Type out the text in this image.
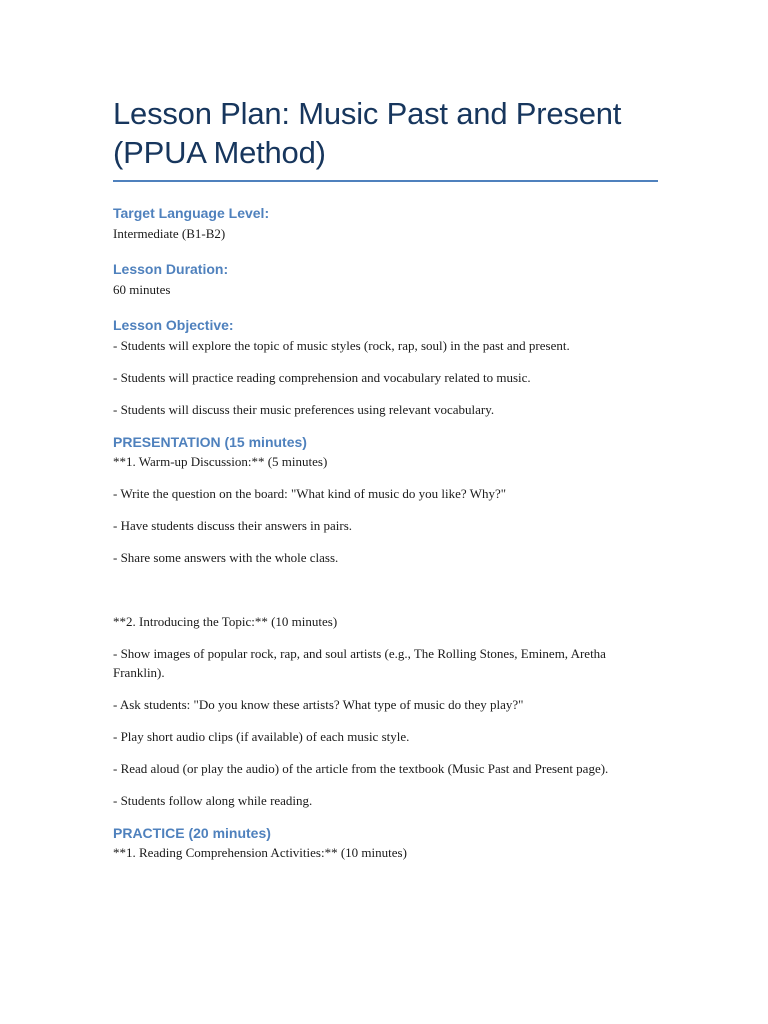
Lesson Plan: Music Past and Present
(PPUA Method)

Target Language Level:

Intermediate (B1-B2)

Lesson Duration:

60 minutes

Lesson Objective:

- Students will explore the topic of music styles (rock, rap, soul) in the past and present.

- Students will practice reading comprehension and vocabulary related to music.

- Students will discuss their music preferences using relevant vocabulary.

PRESENTATION (15 minutes)

**1. Warm-up Discussion:** (5 minutes)

- Write the question on the board: "What kind of music do you like? Why?"

- Have students discuss their answers in pairs.

- Share some answers with the whole class.

**2. Introducing the Topic:** (10 minutes)

- Show images of popular rock, rap, and soul artists (e.g., The Rolling Stones, Eminem, Aretha Franklin).

- Ask students: "Do you know these artists? What type of music do they play?"

- Play short audio clips (if available) of each music style.

- Read aloud (or play the audio) of the article from the textbook (Music Past and Present page).

- Students follow along while reading.

PRACTICE (20 minutes)

**1. Reading Comprehension Activities:** (10 minutes)
